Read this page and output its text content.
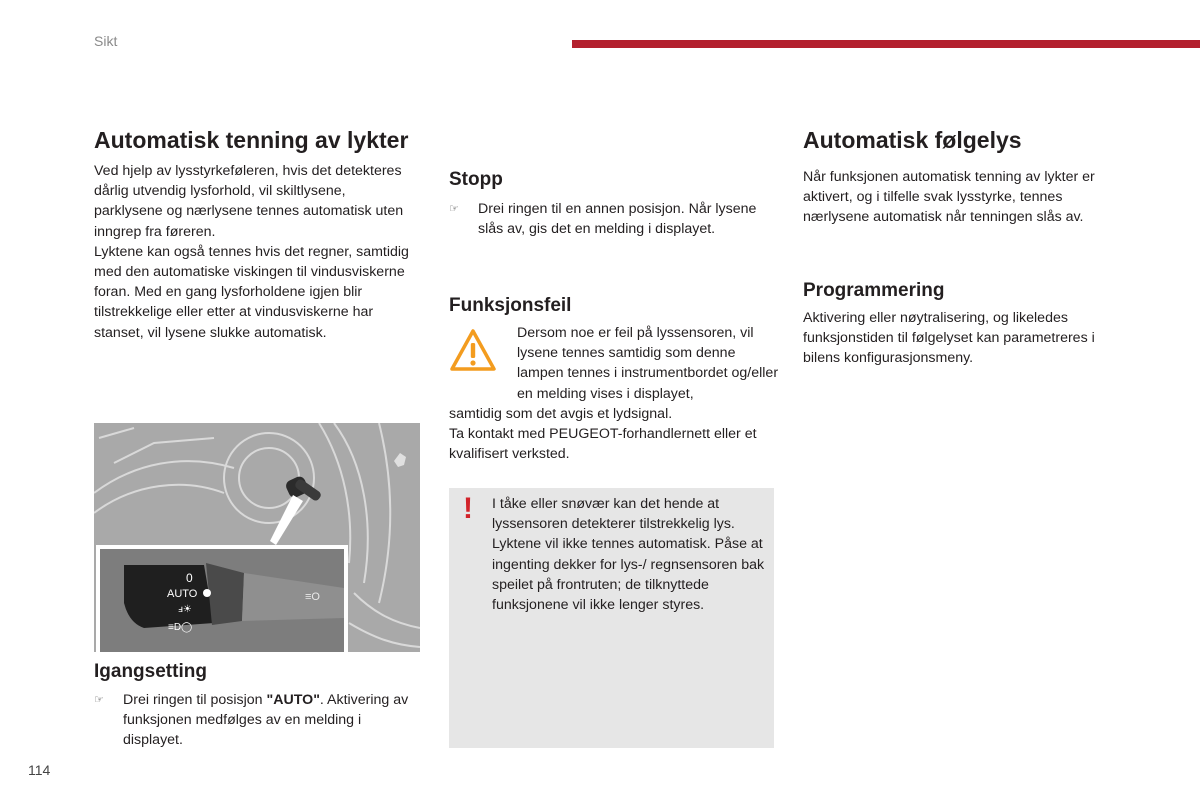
Sikt
Automatisk tenning av lykter

Ved hjelp av lysstyrkeføleren, hvis det detekteres dårlig utvendig lysforhold, vil skiltlysene, parklysene og nærlysene tennes automatisk uten inngrep fra føreren.

Lyktene kan også tennes hvis det regner, samtidig med den automatiske viskingen til vindusviskerne foran. Med en gang lysforholdene igjen blir tilstrekkelige eller etter at vindusviskerne har stanset, vil lysene slukke automatisk.

0
AUTO
ⅎ☀
≡D◯
≡O
Igangsetting
☞ Drei ringen til posisjon "AUTO". Aktivering av funksjonen medfølges av en melding i displayet.
Stopp
☞ Drei ringen til en annen posisjon. Når lysene slås av, gis det en melding i displayet.
Funksjonsfeil
Dersom noe er feil på lyssensoren, vil lysene tennes samtidig som denne lampen tennes i instrumentbordet og/eller en melding vises i displayet,

samtidig som det avgis et lydsignal.

Ta kontakt med PEUGEOT-forhandlernett eller et kvalifisert verksted.

! I tåke eller snøvær kan det hende at lyssensoren detekterer tilstrekkelig lys. Lyktene vil ikke tennes automatisk. Påse at ingenting dekker for lys-/ regnsensoren bak speilet på frontruten; de tilknyttede funksjonene vil ikke lenger styres.
Automatisk følgelys
Når funksjonen automatisk tenning av lykter er aktivert, og i tilfelle svak lysstyrke, tennes nærlysene automatisk når tenningen slås av.
Programmering
Aktivering eller nøytralisering, og likeledes funksjonstiden til følgelyset kan parametreres i bilens konfigurasjonsmeny.
114
